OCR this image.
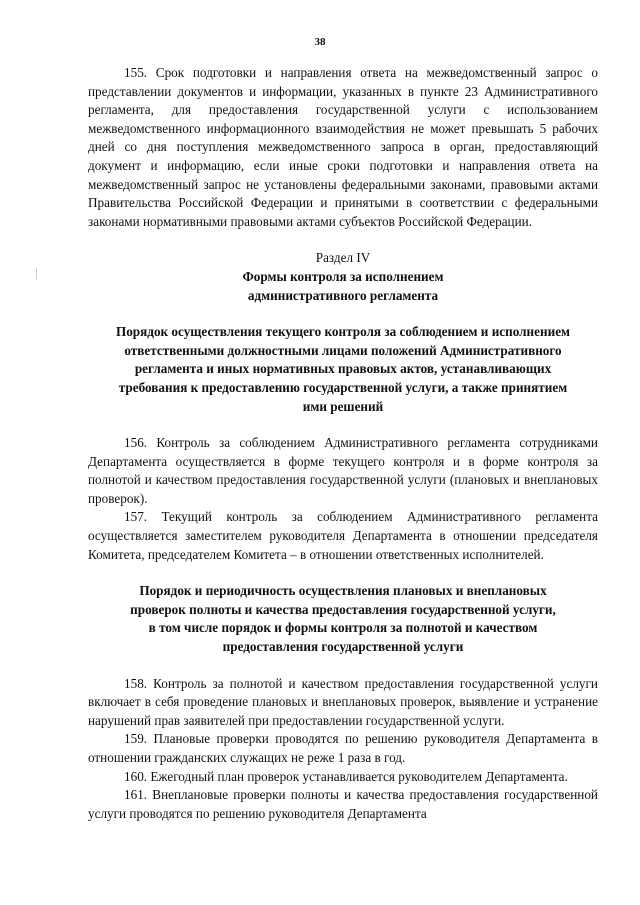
38

155. Срок подготовки и направления ответа на межведомственный запрос о представлении документов и информации, указанных в пункте 23 Административного регламента, для предоставления государственной услуги с использованием межведомственного информационного взаимодействия не может превышать 5 рабочих дней со дня поступления межведомственного запроса в орган, предоставляющий документ и информацию, если иные сроки подготовки и направления ответа на межведомственный запрос не установлены федеральными законами, правовыми актами Правительства Российской Федерации и принятыми в соответствии с федеральными законами нормативными правовыми актами субъектов Российской Федерации.

Раздел IV

Формы контроля за исполнением административного регламента

Порядок осуществления текущего контроля за соблюдением и исполнением ответственными должностными лицами положений Административного регламента и иных нормативных правовых актов, устанавливающих требования к предоставлению государственной услуги, а также принятием ими решений

156. Контроль за соблюдением Административного регламента сотрудниками Департамента осуществляется в форме текущего контроля и в форме контроля за полнотой и качеством предоставления государственной услуги (плановых и внеплановых проверок).

157. Текущий контроль за соблюдением Административного регламента осуществляется заместителем руководителя Департамента в отношении председателя Комитета, председателем Комитета – в отношении ответственных исполнителей.

Порядок и периодичность осуществления плановых и внеплановых проверок полноты и качества предоставления государственной услуги, в том числе порядок и формы контроля за полнотой и качеством предоставления государственной услуги

158. Контроль за полнотой и качеством предоставления государственной услуги включает в себя проведение плановых и внеплановых проверок, выявление и устранение нарушений прав заявителей при предоставлении государственной услуги.

159. Плановые проверки проводятся по решению руководителя Департамента в отношении гражданских служащих не реже 1 раза в год.

160. Ежегодный план проверок устанавливается руководителем Департамента.

161. Внеплановые проверки полноты и качества предоставления государственной услуги проводятся по решению руководителя Департамента
